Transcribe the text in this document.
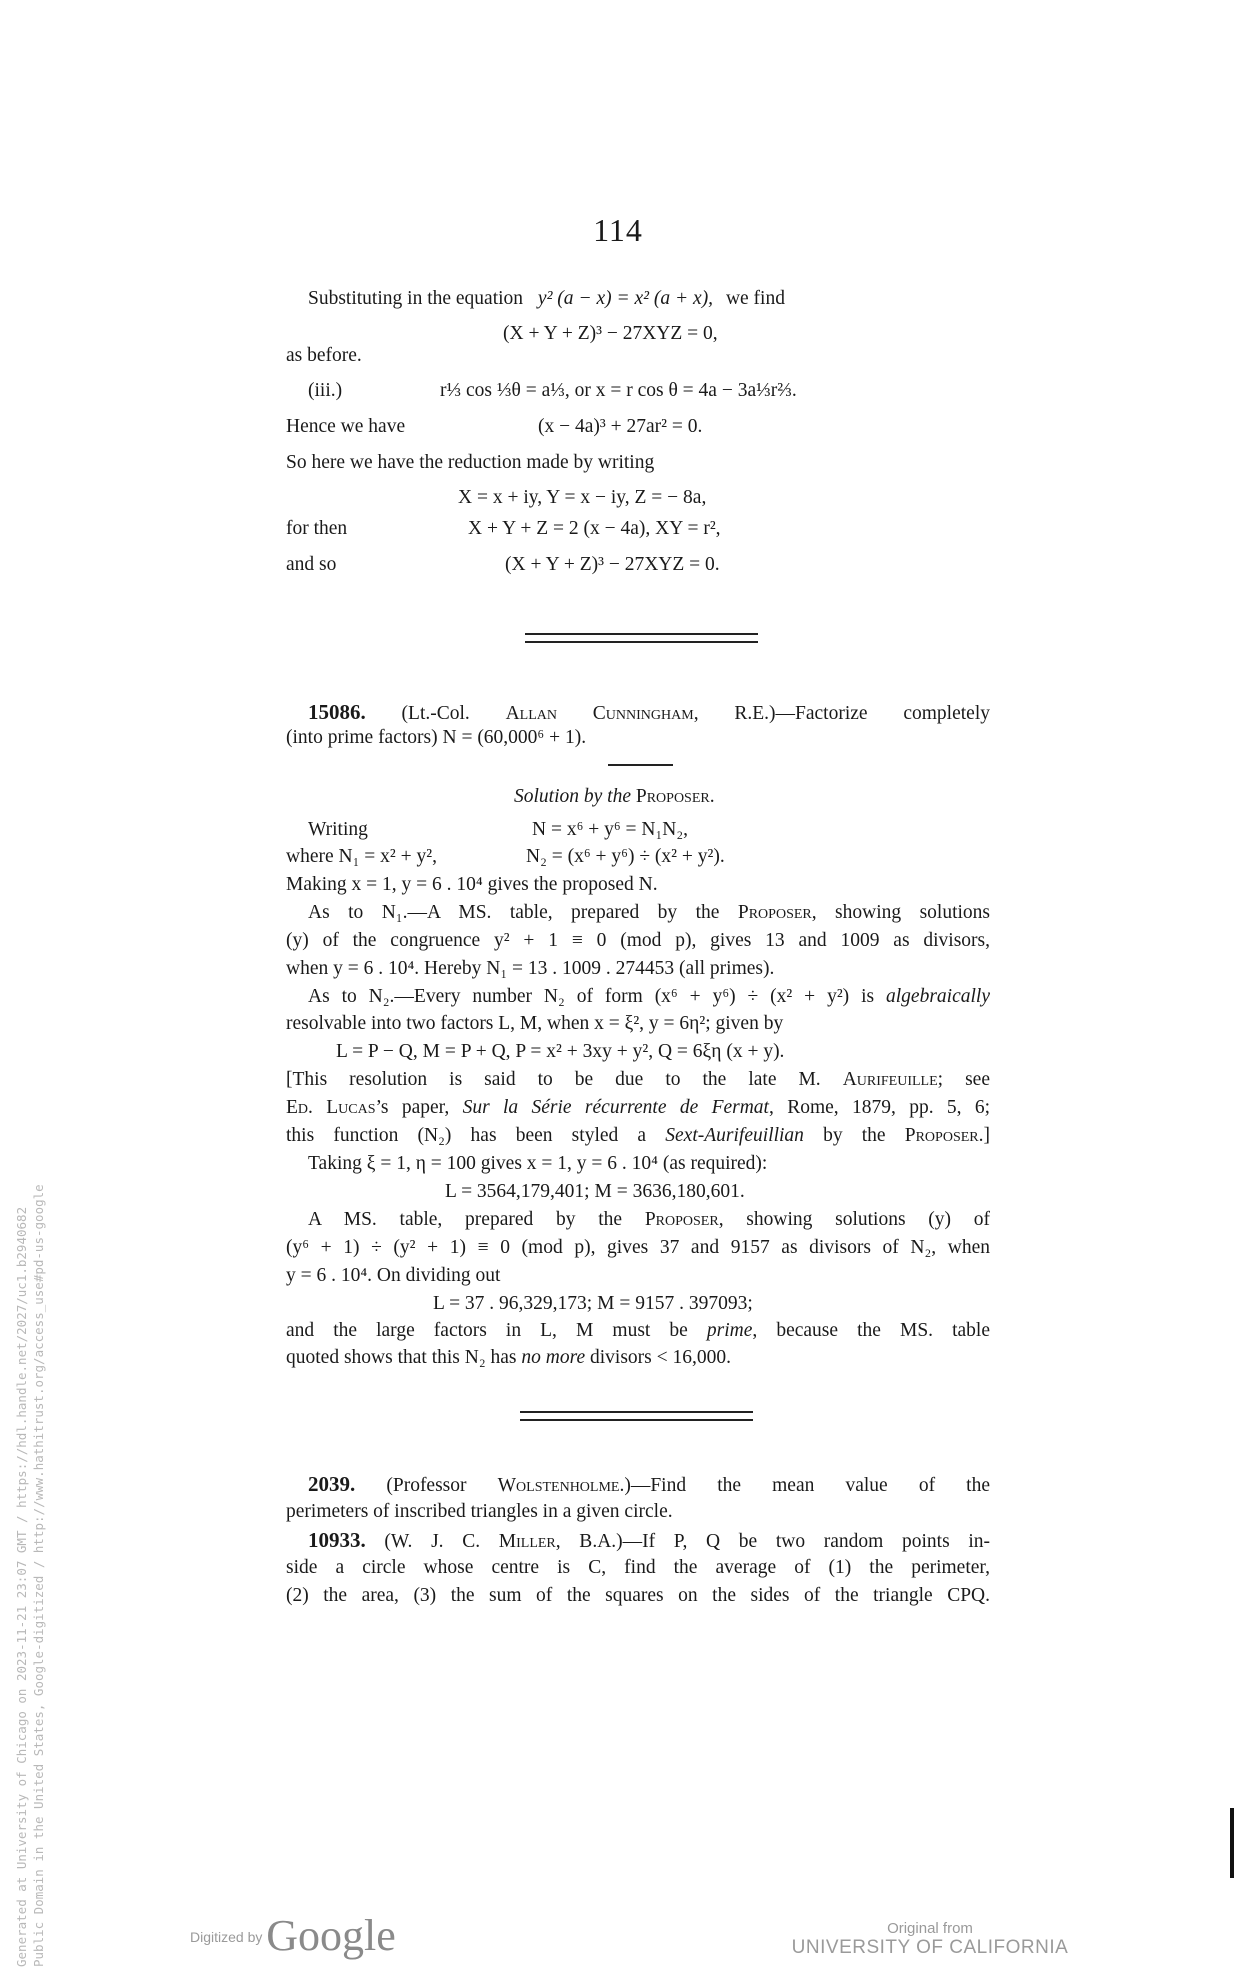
114
Substituting in the equation y² (a − x) = x² (a + x), we find
(X + Y + Z)³ − 27XYZ = 0,
as before.
(iii.)	r⅓ cos ⅓θ = a⅓, or x = r cos θ = 4a − 3a⅓r⅔.
Hence we have	(x − 4a)³ + 27ar² = 0.
So here we have the reduction made by writing
X = x + iy, Y = x − iy, Z = − 8a,
for then	X + Y + Z = 2 (x − 4a), XY = r²,
and so	(X + Y + Z)³ − 27XYZ = 0.
15086. (Lt.-Col. Allan Cunningham, R.E.)—Factorize completely
(into prime factors) N = (60,000⁶ + 1).
Solution by the Proposer.
Writing	N = x⁶ + y⁶ = N₁N₂,
where N₁ = x² + y²,	N₂ = (x⁶ + y⁶) ÷ (x² + y²).
Making x = 1, y = 6 . 10⁴ gives the proposed N.
As to N₁.—A MS. table, prepared by the Proposer, showing solutions
(y) of the congruence y² + 1 ≡ 0 (mod p), gives 13 and 1009 as divisors,
when y = 6 . 10⁴. Hereby N₁ = 13 . 1009 . 274453 (all primes).
As to N₂.—Every number N₂ of form (x⁶ + y⁶) ÷ (x² + y²) is algebraically
resolvable into two factors L, M, when x = ξ², y = 6η²; given by
L = P − Q, M = P + Q, P = x² + 3xy + y², Q = 6ξη (x + y).
[This resolution is said to be due to the late M. Aurifeuille; see
Ed. Lucas’s paper, Sur la Série récurrente de Fermat, Rome, 1879, pp. 5, 6;
this function (N₂) has been styled a Sext-Aurifeuillian by the Proposer.]
Taking ξ = 1, η = 100 gives x = 1, y = 6 . 10⁴ (as required):
L = 3564,179,401; M = 3636,180,601.
A MS. table, prepared by the Proposer, showing solutions (y) of
(y⁶ + 1) ÷ (y² + 1) ≡ 0 (mod p), gives 37 and 9157 as divisors of N₂, when
y = 6 . 10⁴. On dividing out
L = 37 . 96,329,173; M = 9157 . 397093;
and the large factors in L, M must be prime, because the MS. table
quoted shows that this N₂ has no more divisors < 16,000.
2039. (Professor Wolstenholme.)—Find the mean value of the
perimeters of inscribed triangles in a given circle.
10933. (W. J. C. Miller, B.A.)—If P, Q be two random points in-
side a circle whose centre is C, find the average of (1) the perimeter,
(2) the area, (3) the sum of the squares on the sides of the triangle CPQ.
Generated at University of Chicago on 2023-11-21 23:07 GMT / https://hdl.handle.net/2027/uc1.b2940682 Public Domain in the United States, Google-digitized / http://www.hathitrust.org/access_use#pd-us-google	Digitized by Google	Original from
UNIVERSITY OF CALIFORNIA
